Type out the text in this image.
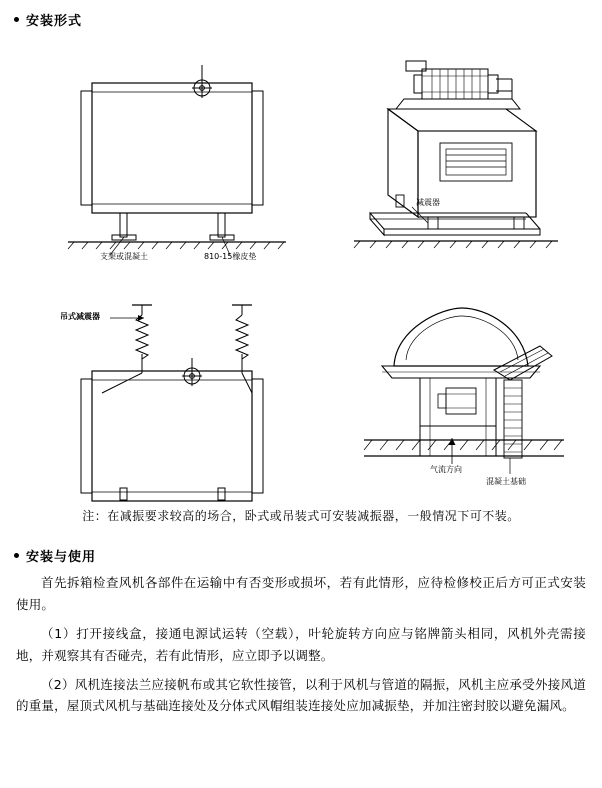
安装形式
支架或混凝土	810-15橡皮垫
减震器
吊式减震器
气流方向
混凝土基础
注：在减振要求较高的场合，卧式或吊装式可安装减振器，一般情况下可不装。
安装与使用

首先拆箱检查风机各部件在运输中有否变形或损坏，若有此情形，应待检修校正后方可正式安装使用。

（1）打开接线盒，接通电源试运转（空载），叶轮旋转方向应与铭牌箭头相同，风机外壳需接地，并观察其有否碰壳，若有此情形，应立即予以调整。

（2）风机连接法兰应接帆布或其它软性接管，以利于风机与管道的隔振，风机主应承受外接风道的重量，屋顶式风机与基础连接处及分体式风帽组装连接处应加减振垫，并加注密封胶以避免漏风。
